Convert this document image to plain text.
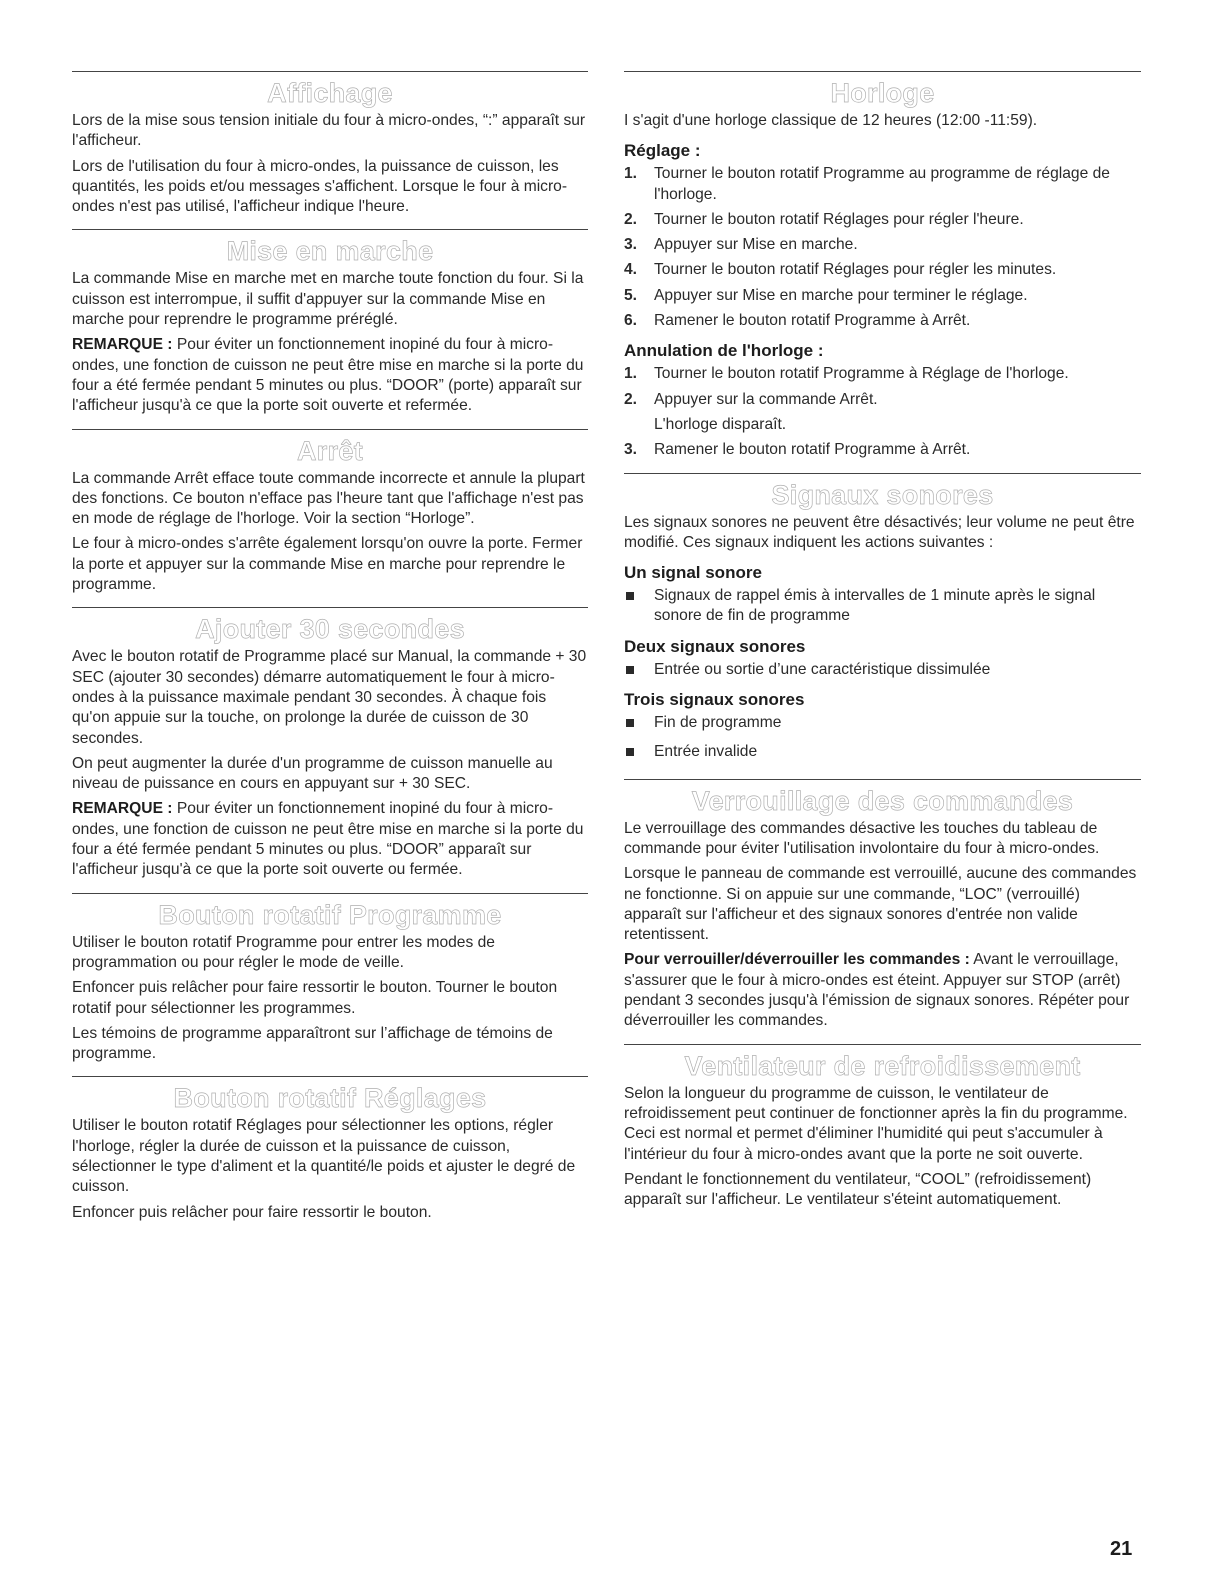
Affichage

Lors de la mise sous tension initiale du four à micro-ondes, “:” apparaît sur l'afficheur.

Lors de l'utilisation du four à micro-ondes, la puissance de cuisson, les quantités, les poids et/ou messages s'affichent. Lorsque le four à micro-ondes n'est pas utilisé, l'afficheur indique l'heure.

Mise en marche

La commande Mise en marche met en marche toute fonction du four. Si la cuisson est interrompue, il suffit d'appuyer sur la commande Mise en marche pour reprendre le programme préréglé.

REMARQUE : Pour éviter un fonctionnement inopiné du four à micro-ondes, une fonction de cuisson ne peut être mise en marche si la porte du four a été fermée pendant 5 minutes ou plus. “DOOR” (porte) apparaît sur l'afficheur jusqu'à ce que la porte soit ouverte et refermée.

Arrêt

La commande Arrêt efface toute commande incorrecte et annule la plupart des fonctions. Ce bouton n'efface pas l'heure tant que l'affichage n'est pas en mode de réglage de l'horloge. Voir la section “Horloge”.

Le four à micro-ondes s'arrête également lorsqu'on ouvre la porte. Fermer la porte et appuyer sur la commande Mise en marche pour reprendre le programme.

Ajouter 30 secondes

Avec le bouton rotatif de Programme placé sur Manual, la commande + 30 SEC (ajouter 30 secondes) démarre automatiquement le four à micro-ondes à la puissance maximale pendant 30 secondes. À chaque fois qu'on appuie sur la touche, on prolonge la durée de cuisson de 30 secondes.

On peut augmenter la durée d'un programme de cuisson manuelle au niveau de puissance en cours en appuyant sur + 30 SEC.

REMARQUE : Pour éviter un fonctionnement inopiné du four à micro-ondes, une fonction de cuisson ne peut être mise en marche si la porte du four a été fermée pendant 5 minutes ou plus. “DOOR” apparaît sur l'afficheur jusqu'à ce que la porte soit ouverte ou fermée.

Bouton rotatif Programme

Utiliser le bouton rotatif Programme pour entrer les modes de programmation ou pour régler le mode de veille.

Enfoncer puis relâcher pour faire ressortir le bouton. Tourner le bouton rotatif pour sélectionner les programmes.

Les témoins de programme apparaîtront sur l’affichage de témoins de programme.

Bouton rotatif Réglages

Utiliser le bouton rotatif Réglages pour sélectionner les options, régler l'horloge, régler la durée de cuisson et la puissance de cuisson, sélectionner le type d'aliment et la quantité/le poids et ajuster le degré de cuisson.

Enfoncer puis relâcher pour faire ressortir le bouton.

Horloge

I s'agit d'une horloge classique de 12 heures (12:00 -11:59).

Réglage :
1. Tourner le bouton rotatif Programme au programme de réglage de l'horloge.
2. Tourner le bouton rotatif Réglages pour régler l'heure.
3. Appuyer sur Mise en marche.
4. Tourner le bouton rotatif Réglages pour régler les minutes.
5. Appuyer sur Mise en marche pour terminer le réglage.
6. Ramener le bouton rotatif Programme à Arrêt.
Annulation de l'horloge :
1. Tourner le bouton rotatif Programme à Réglage de l'horloge.
2. Appuyer sur la commande Arrêt.

L'horloge disparaît.

3. Ramener le bouton rotatif Programme à Arrêt.
Signaux sonores

Les signaux sonores ne peuvent être désactivés; leur volume ne peut être modifié. Ces signaux indiquent les actions suivantes :

Un signal sonore
Signaux de rappel émis à intervalles de 1 minute après le signal sonore de fin de programme
Deux signaux sonores
Entrée ou sortie d’une caractéristique dissimulée
Trois signaux sonores
Fin de programme
Entrée invalide
Verrouillage des commandes

Le verrouillage des commandes désactive les touches du tableau de commande pour éviter l'utilisation involontaire du four à micro-ondes.

Lorsque le panneau de commande est verrouillé, aucune des commandes ne fonctionne. Si on appuie sur une commande, “LOC” (verrouillé) apparaît sur l'afficheur et des signaux sonores d'entrée non valide retentissent.

Pour verrouiller/déverrouiller les commandes : Avant le verrouillage, s'assurer que le four à micro-ondes est éteint. Appuyer sur STOP (arrêt) pendant 3 secondes jusqu'à l'émission de signaux sonores. Répéter pour déverrouiller les commandes.

Ventilateur de refroidissement

Selon la longueur du programme de cuisson, le ventilateur de refroidissement peut continuer de fonctionner après la fin du programme. Ceci est normal et permet d'éliminer l'humidité qui peut s'accumuler à l'intérieur du four à micro-ondes avant que la porte ne soit ouverte.

Pendant le fonctionnement du ventilateur, “COOL” (refroidissement) apparaît sur l'afficheur. Le ventilateur s'éteint automatiquement.

21
